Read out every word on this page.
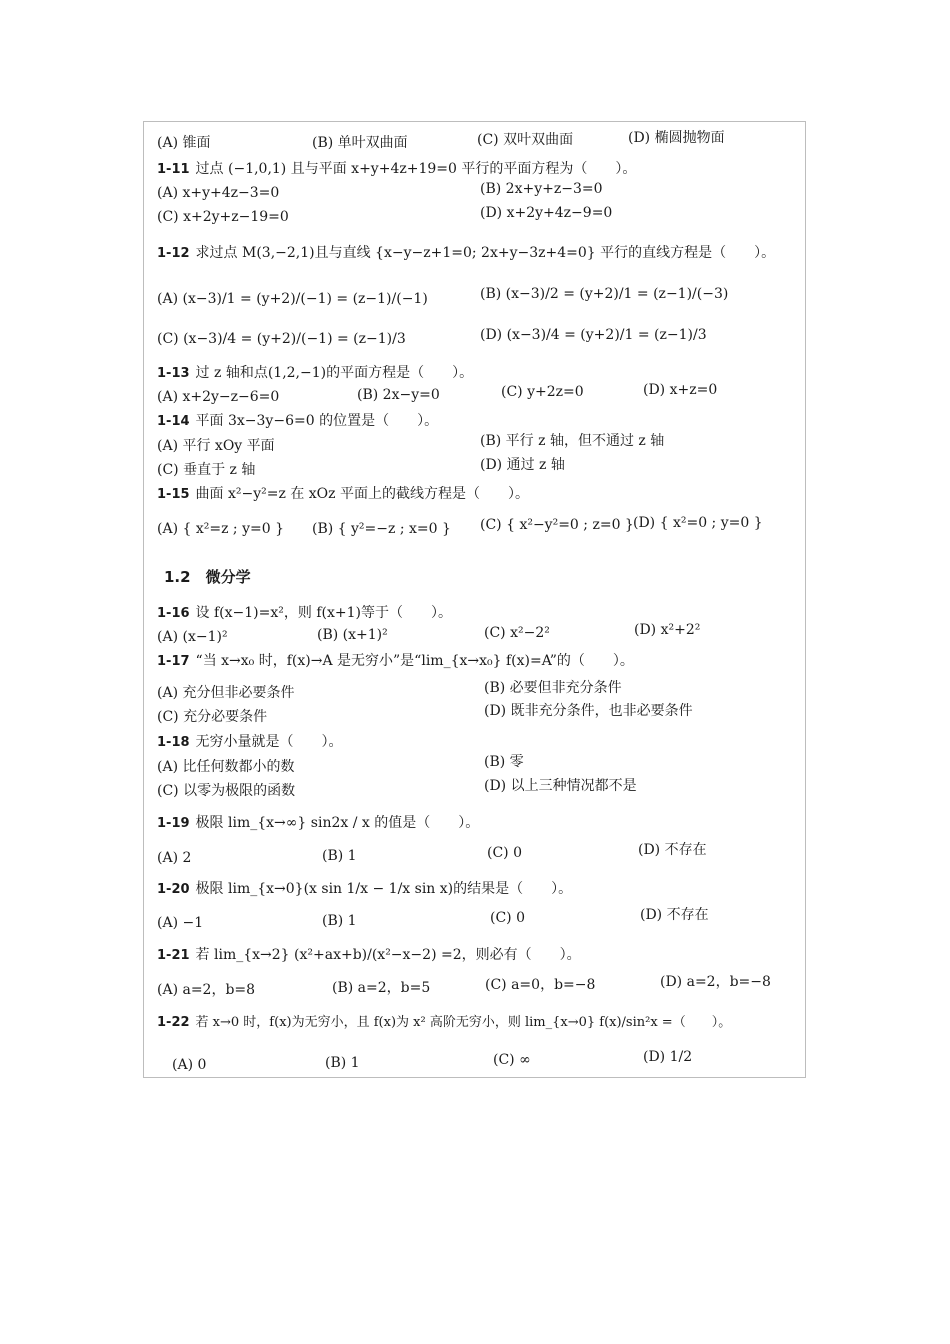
(A) 锥面	(B) 单叶双曲面	(C) 双叶双曲面	(D) 椭圆抛物面
1-11 过点 (−1,0,1) 且与平面 x+y+4z+19=0 平行的平面方程为（　　）。
(A) x+y+4z−3=0	(B) 2x+y+z−3=0
(C) x+2y+z−19=0	(D) x+2y+4z−9=0
1-12 求过点 M(3,−2,1)且与直线 {x−y−z+1=0; 2x+y−3z+4=0} 平行的直线方程是（　　）。
(A) (x−3)/1 = (y+2)/(−1) = (z−1)/(−1)	(B) (x−3)/2 = (y+2)/1 = (z−1)/(−3)
(C) (x−3)/4 = (y+2)/(−1) = (z−1)/3	(D) (x−3)/4 = (y+2)/1 = (z−1)/3
1-13 过 z 轴和点(1,2,−1)的平面方程是（　　）。
(A) x+2y−z−6=0	(B) 2x−y=0	(C) y+2z=0	(D) x+z=0
1-14 平面 3x−3y−6=0 的位置是（　　）。
(A) 平行 xOy 平面	(B) 平行 z 轴，但不通过 z 轴
(C) 垂直于 z 轴	(D) 通过 z 轴
1-15 曲面 x²−y²=z 在 xOz 平面上的截线方程是（　　）。
(A) { x²=z ; y=0 } (B) { y²=−z ; x=0 } (C) { x²−y²=0 ; z=0 } (D) { x²=0 ; y=0 }
1.2　微分学
1-16 设 f(x−1)=x²，则 f(x+1)等于（　　）。
(A) (x−1)²	(B) (x+1)²	(C) x²−2²	(D) x²+2²
1-17 “当 x→x₀ 时，f(x)→A 是无穷小”是“lim_{x→x₀} f(x)=A”的（　　）。
(A) 充分但非必要条件	(B) 必要但非充分条件
(C) 充分必要条件	(D) 既非充分条件，也非必要条件
1-18 无穷小量就是（　　）。
(A) 比任何数都小的数	(B) 零
(C) 以零为极限的函数	(D) 以上三种情况都不是
1-19 极限 lim_{x→∞} sin2x / x 的值是（　　）。
(A) 2	(B) 1	(C) 0	(D) 不存在
1-20 极限 lim_{x→0}(x sin 1/x − 1/x sin x)的结果是（　　）。
(A) −1	(B) 1	(C) 0	(D) 不存在
1-21 若 lim_{x→2} (x²+ax+b)/(x²−x−2) =2，则必有（　　）。
(A) a=2，b=8	(B) a=2，b=5	(C) a=0，b=−8	(D) a=2，b=−8
1-22 若 x→0 时，f(x)为无穷小，且 f(x)为 x² 高阶无穷小，则 lim_{x→0} f(x)/sin²x =（　　）。
(A) 0	(B) 1	(C) ∞	(D) 1/2
